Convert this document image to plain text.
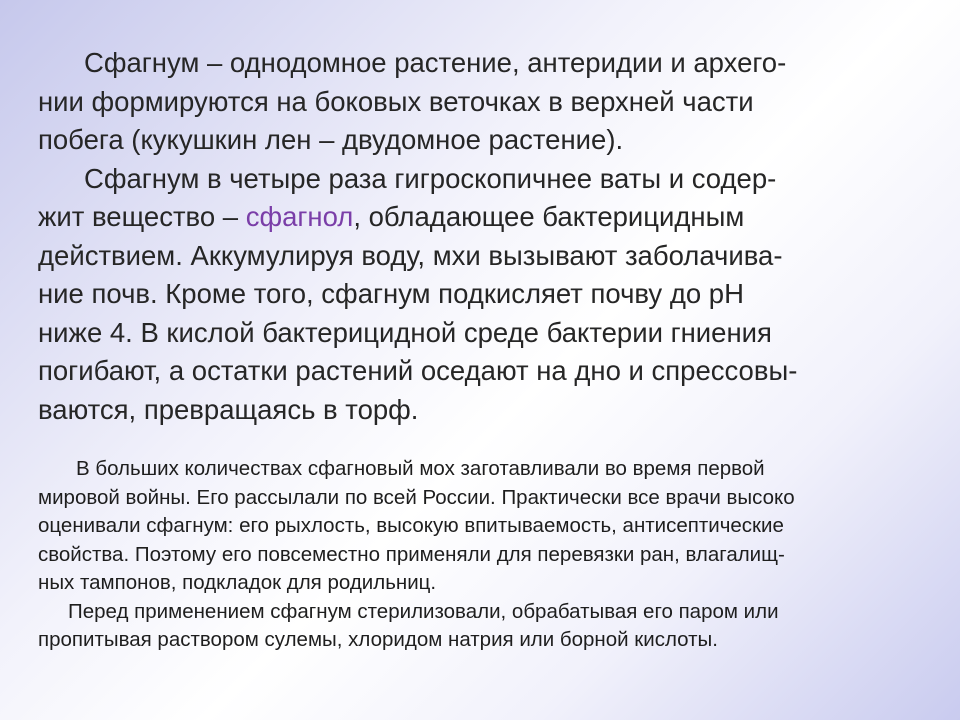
Сфагнум – однодомное растение, антеридии и архего-
нии формируются на боковых веточках в верхней части
побега (кукушкин лен – двудомное растение).
Сфагнум в четыре раза гигроскопичнее ваты и содер-
жит вещество – сфагнол, обладающее бактерицидным
действием. Аккумулируя воду, мхи вызывают заболачива-
ние почв. Кроме того, сфагнум подкисляет почву до pH
ниже 4. В кислой бактерицидной среде бактерии гниения
погибают, а остатки растений оседают на дно и спрессовы-
ваются, превращаясь в торф.
В больших количествах сфагновый мох заготавливали во время первой
мировой войны. Его рассылали по всей России. Практически все врачи высоко
оценивали сфагнум: его рыхлость, высокую впитываемость, антисептические
свойства. Поэтому его повсеместно применяли для перевязки ран, влагалищ-
ных тампонов, подкладок для родильниц.
Перед применением сфагнум стерилизовали, обрабатывая его паром или
пропитывая раствором сулемы, хлоридом натрия или борной кислоты.
